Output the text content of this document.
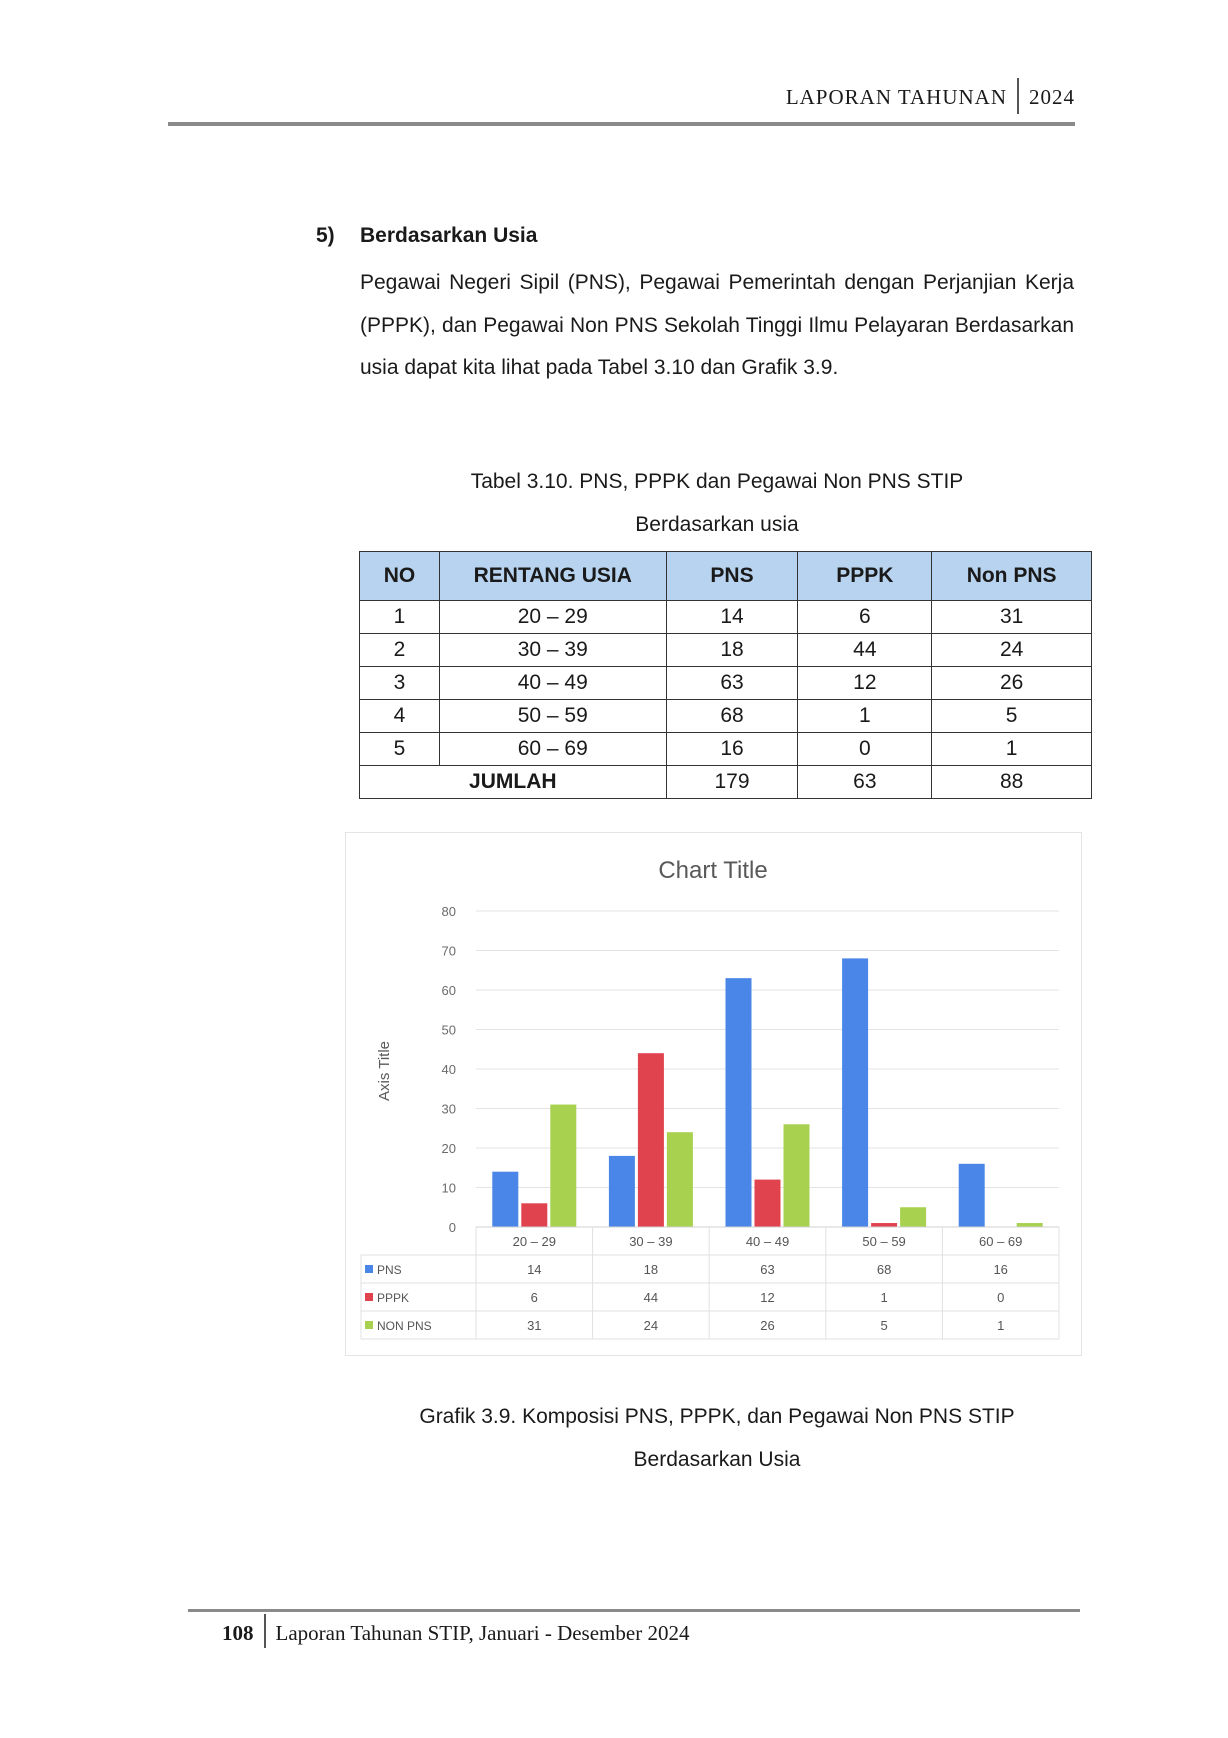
LAPORAN TAHUNAN 2024
5) Berdasarkan Usia

Pegawai Negeri Sipil (PNS), Pegawai Pemerintah dengan Perjanjian Kerja (PPPK), dan Pegawai Non PNS Sekolah Tinggi Ilmu Pelayaran Berdasarkan usia dapat kita lihat pada Tabel 3.10 dan Grafik 3.9.

Tabel 3.10. PNS, PPPK dan Pegawai Non PNS STIP
Berdasarkan usia
NO	RENTANG USIA	PNS	PPPK	Non PNS
1	20 – 29	14	6	31
2	30 – 39	18	44	24
3	40 – 49	63	12	26
4	50 – 59	68	1	5
5	60 – 69	16	0	1
JUMLAH		179	63	88
Chart Title
Axis Title
0
10
20
30
40
50
60
70
80
20 – 29	30 – 39	40 – 49	50 – 59	60 – 69
PNS	14	18	63	68	16
PPPK	6	44	12	1	0
NON PNS	31	24	26	5	1
Grafik 3.9. Komposisi PNS, PPPK, dan Pegawai Non PNS STIP
Berdasarkan Usia
108 Laporan Tahunan STIP, Januari - Desember 2024
